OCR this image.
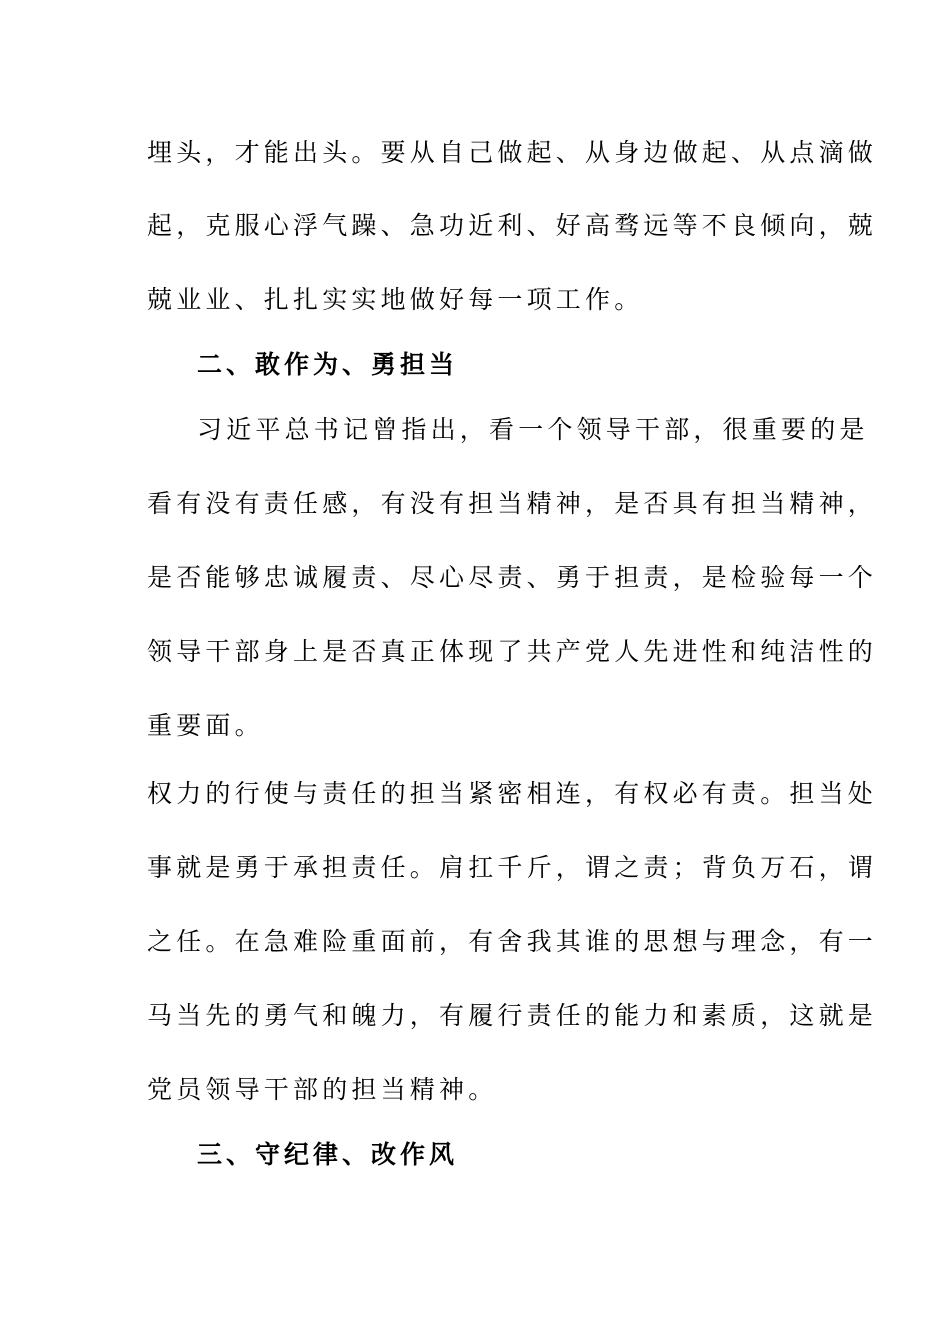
埋头，才能出头。要从自己做起、从身边做起、从点滴做
起，克服心浮气躁、急功近利、好高骛远等不良倾向，兢
兢业业、扎扎实实地做好每一项工作。
二、敢作为、勇担当
习近平总书记曾指出，看一个领导干部，很重要的是
看有没有责任感，有没有担当精神，是否具有担当精神，
是否能够忠诚履责、尽心尽责、勇于担责，是检验每一个
领导干部身上是否真正体现了共产党人先进性和纯洁性的
重要面。
权力的行使与责任的担当紧密相连，有权必有责。担当处
事就是勇于承担责任。肩扛千斤，谓之责；背负万石，谓
之任。在急难险重面前，有舍我其谁的思想与理念，有一
马当先的勇气和魄力，有履行责任的能力和素质，这就是
党员领导干部的担当精神。
三、守纪律、改作风
